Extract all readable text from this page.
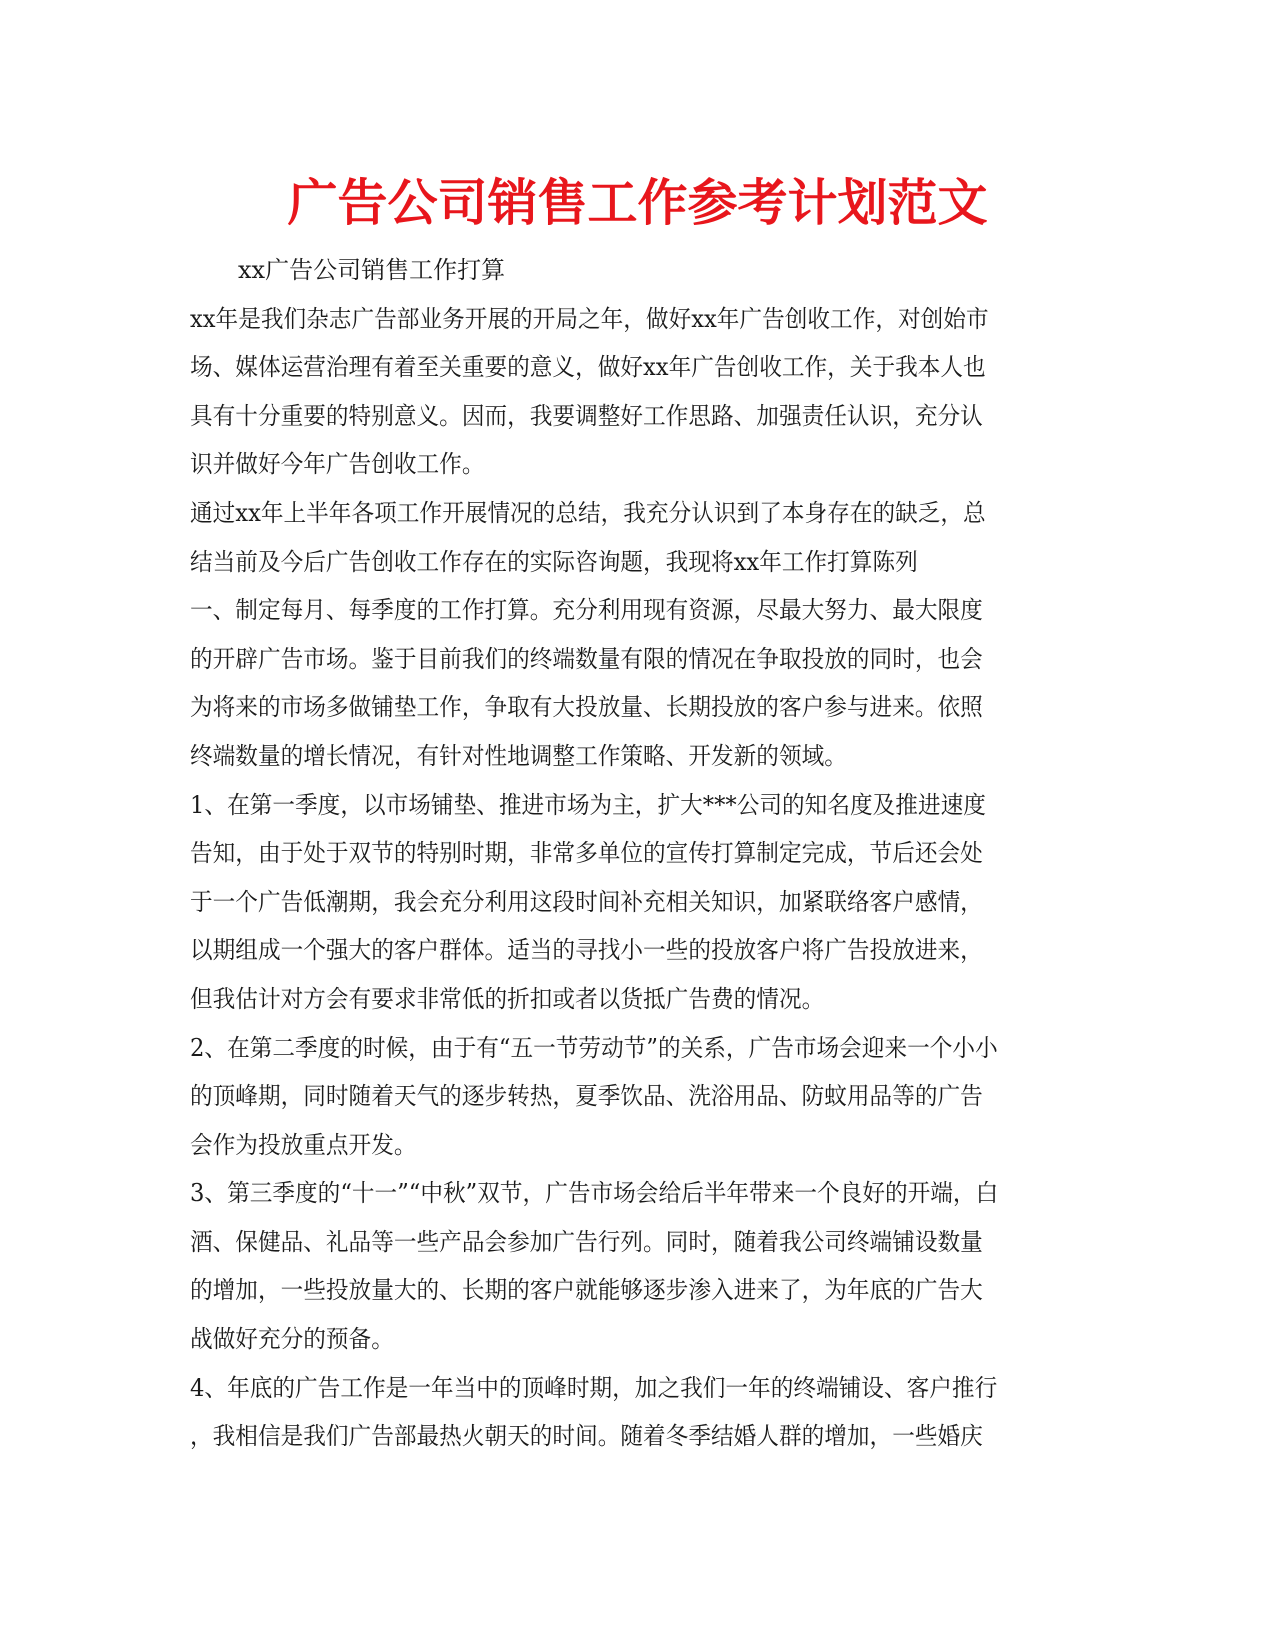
广告公司销售工作参考计划范文
xx广告公司销售工作打算
xx年是我们杂志广告部业务开展的开局之年，做好xx年广告创收工作，对创始市
场、媒体运营治理有着至关重要的意义，做好xx年广告创收工作，关于我本人也
具有十分重要的特别意义。因而，我要调整好工作思路、加强责任认识，充分认
识并做好今年广告创收工作。
通过xx年上半年各项工作开展情况的总结，我充分认识到了本身存在的缺乏，总
结当前及今后广告创收工作存在的实际咨询题，我现将xx年工作打算陈列
一、制定每月、每季度的工作打算。充分利用现有资源，尽最大努力、最大限度
的开辟广告市场。鉴于目前我们的终端数量有限的情况在争取投放的同时，也会
为将来的市场多做铺垫工作，争取有大投放量、长期投放的客户参与进来。依照
终端数量的增长情况，有针对性地调整工作策略、开发新的领域。
1、在第一季度，以市场铺垫、推进市场为主，扩大***公司的知名度及推进速度
告知，由于处于双节的特别时期，非常多单位的宣传打算制定完成，节后还会处
于一个广告低潮期，我会充分利用这段时间补充相关知识，加紧联络客户感情，
以期组成一个强大的客户群体。适当的寻找小一些的投放客户将广告投放进来，
但我估计对方会有要求非常低的折扣或者以货抵广告费的情况。
2、在第二季度的时候，由于有“五一节劳动节”的关系，广告市场会迎来一个小小
的顶峰期，同时随着天气的逐步转热，夏季饮品、洗浴用品、防蚊用品等的广告
会作为投放重点开发。
3、第三季度的“十一”“中秋”双节，广告市场会给后半年带来一个良好的开端，白
酒、保健品、礼品等一些产品会参加广告行列。同时，随着我公司终端铺设数量
的增加，一些投放量大的、长期的客户就能够逐步渗入进来了，为年底的广告大
战做好充分的预备。
4、年底的广告工作是一年当中的顶峰时期，加之我们一年的终端铺设、客户推行
，我相信是我们广告部最热火朝天的时间。随着冬季结婚人群的增加，一些婚庆
